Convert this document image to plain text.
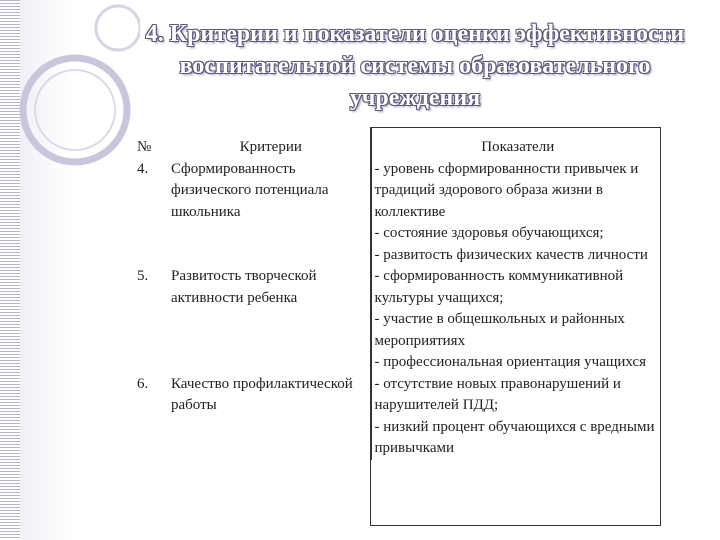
4. Критерии и показатели оценки эффективности воспитательной системы образовательного учреждения
№	Критерии	Показатели
4.	Сформированность физического потенциала школьника	- уровень сформированности привычек и традиций здорового образа жизни в коллективе
- состояние здоровья обучающихся;
- развитость физических качеств личности

5.	Развитость творческой активности ребенка	- сформированность коммуникативной культуры учащихся;
- участие в общешкольных и районных мероприятиях
- профессиональная ориентация учащихся

6.	Качество профилактической работы	- отсутствие новых правонарушений и нарушителей ПДД;
- низкий процент обучающихся с вредными привычками
